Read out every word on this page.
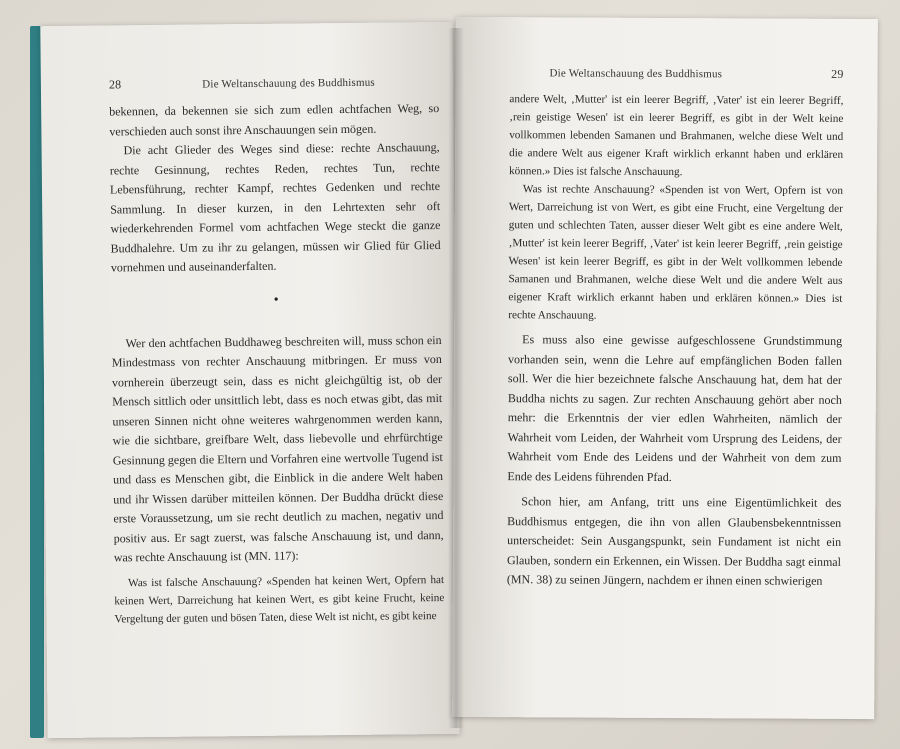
28	Die Weltanschauung des Buddhismus

bekennen, da bekennen sie sich zum edlen achtfachen Weg, so verschieden auch sonst ihre Anschauungen sein mögen.

Die acht Glieder des Weges sind diese: rechte Anschauung, rechte Gesinnung, rechtes Reden, rechtes Tun, rechte Lebensführung, rechter Kampf, rechtes Gedenken und rechte Sammlung. In dieser kurzen, in den Lehrtexten sehr oft wiederkehrenden Formel vom achtfachen Wege steckt die ganze Buddhalehre. Um zu ihr zu gelangen, müssen wir Glied für Glied vornehmen und auseinanderfalten.

•

Wer den achtfachen Buddhaweg beschreiten will, muss schon ein Mindestmass von rechter Anschauung mitbringen. Er muss von vornherein überzeugt sein, dass es nicht gleichgültig ist, ob der Mensch sittlich oder unsittlich lebt, dass es noch etwas gibt, das mit unseren Sinnen nicht ohne weiteres wahrgenommen werden kann, wie die sichtbare, greifbare Welt, dass liebevolle und ehrfürchtige Gesinnung gegen die Eltern und Vorfahren eine wertvolle Tugend ist und dass es Menschen gibt, die Einblick in die andere Welt haben und ihr Wissen darüber mitteilen können. Der Buddha drückt diese erste Voraussetzung, um sie recht deutlich zu machen, negativ und positiv aus. Er sagt zuerst, was falsche Anschauung ist, und dann, was rechte Anschauung ist (MN. 117):

Was ist falsche Anschauung? «Spenden hat keinen Wert, Opfern hat keinen Wert, Darreichung hat keinen Wert, es gibt keine Frucht, keine Vergeltung der guten und bösen Taten, diese Welt ist nicht, es gibt keine

Die Weltanschauung des Buddhismus	29

andere Welt, ‚Mutter' ist ein leerer Begriff, ‚Vater' ist ein leerer Begriff, ‚rein geistige Wesen' ist ein leerer Begriff, es gibt in der Welt keine vollkommen lebenden Samanen und Brahmanen, welche diese Welt und die andere Welt aus eigener Kraft wirklich erkannt haben und erklären können.» Dies ist falsche Anschauung.

Was ist rechte Anschauung? «Spenden ist von Wert, Opfern ist von Wert, Darreichung ist von Wert, es gibt eine Frucht, eine Vergeltung der guten und schlechten Taten, ausser dieser Welt gibt es eine andere Welt, ‚Mutter' ist kein leerer Begriff, ‚Vater' ist kein leerer Begriff, ‚rein geistige Wesen' ist kein leerer Begriff, es gibt in der Welt vollkommen lebende Samanen und Brahmanen, welche diese Welt und die andere Welt aus eigener Kraft wirklich erkannt haben und erklären können.» Dies ist rechte Anschauung.

Es muss also eine gewisse aufgeschlossene Grundstimmung vorhanden sein, wenn die Lehre auf empfänglichen Boden fallen soll. Wer die hier bezeichnete falsche Anschauung hat, dem hat der Buddha nichts zu sagen. Zur rechten Anschauung gehört aber noch mehr: die Erkenntnis der vier edlen Wahrheiten, nämlich der Wahrheit vom Leiden, der Wahrheit vom Ursprung des Leidens, der Wahrheit vom Ende des Leidens und der Wahrheit von dem zum Ende des Leidens führenden Pfad.

Schon hier, am Anfang, tritt uns eine Eigentümlichkeit des Buddhismus entgegen, die ihn von allen Glaubensbekenntnissen unterscheidet: Sein Ausgangspunkt, sein Fundament ist nicht ein Glauben, sondern ein Erkennen, ein Wissen. Der Buddha sagt einmal (MN. 38) zu seinen Jüngern, nachdem er ihnen einen schwierigen
